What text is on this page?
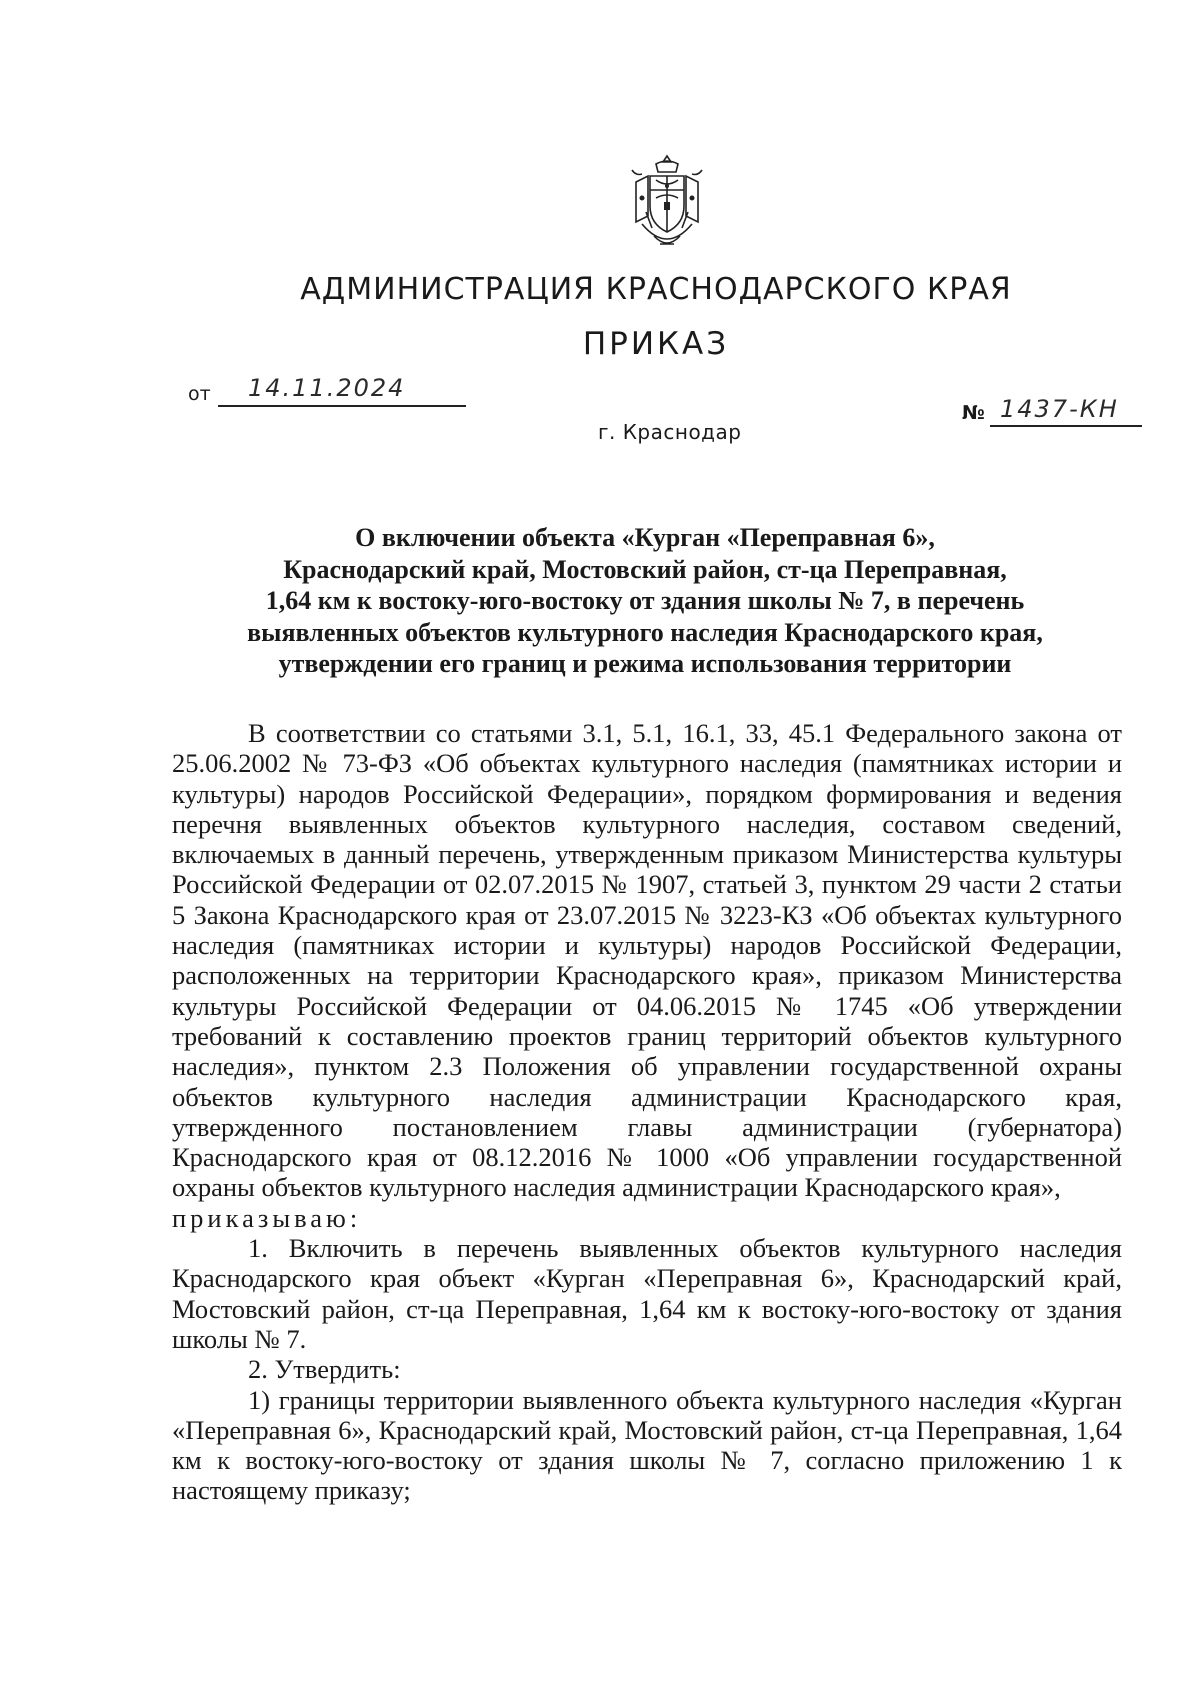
АДМИНИСТРАЦИЯ КРАСНОДАРСКОГО КРАЯ
ПРИКАЗ
от 14.11.2024
г. Краснодар
№ 1437-КН
О включении объекта «Курган «Переправная 6»,
Краснодарский край, Мостовский район, ст-ца Переправная,
1,64 км к востоку-юго-востоку от здания школы № 7, в перечень
выявленных объектов культурного наследия Краснодарского края,
утверждении его границ и режима использования территории
В соответствии со статьями 3.1, 5.1, 16.1, 33, 45.1 Федерального закона от 25.06.2002 № 73-ФЗ «Об объектах культурного наследия (памятниках истории и культуры) народов Российской Федерации», порядком формирования и ведения перечня выявленных объектов культурного наследия, составом сведений, включаемых в данный перечень, утвержденным приказом Министерства культуры Российской Федерации от 02.07.2015 № 1907, статьей 3, пунктом 29 части 2 статьи 5 Закона Краснодарского края от 23.07.2015 № 3223-КЗ «Об объектах культурного наследия (памятниках истории и культуры) народов Российской Федерации, расположенных на территории Краснодарского края», приказом Министерства культуры Российской Федерации от 04.06.2015 № 1745 «Об утверждении требований к составлению проектов границ территорий объектов культурного наследия», пунктом 2.3 Положения об управлении государственной охраны объектов культурного наследия администрации Краснодарского края, утвержденного постановлением главы администрации (губернатора) Краснодарского края от 08.12.2016 № 1000 «Об управлении государственной охраны объектов культурного наследия администрации Краснодарского края»,
приказываю:
1. Включить в перечень выявленных объектов культурного наследия Краснодарского края объект «Курган «Переправная 6», Краснодарский край, Мостовский район, ст-ца Переправная, 1,64 км к востоку-юго-востоку от здания школы № 7.
2. Утвердить:
1) границы территории выявленного объекта культурного наследия «Курган «Переправная 6», Краснодарский край, Мостовский район, ст-ца Переправная, 1,64 км к востоку-юго-востоку от здания школы № 7, согласно приложению 1 к настоящему приказу;
